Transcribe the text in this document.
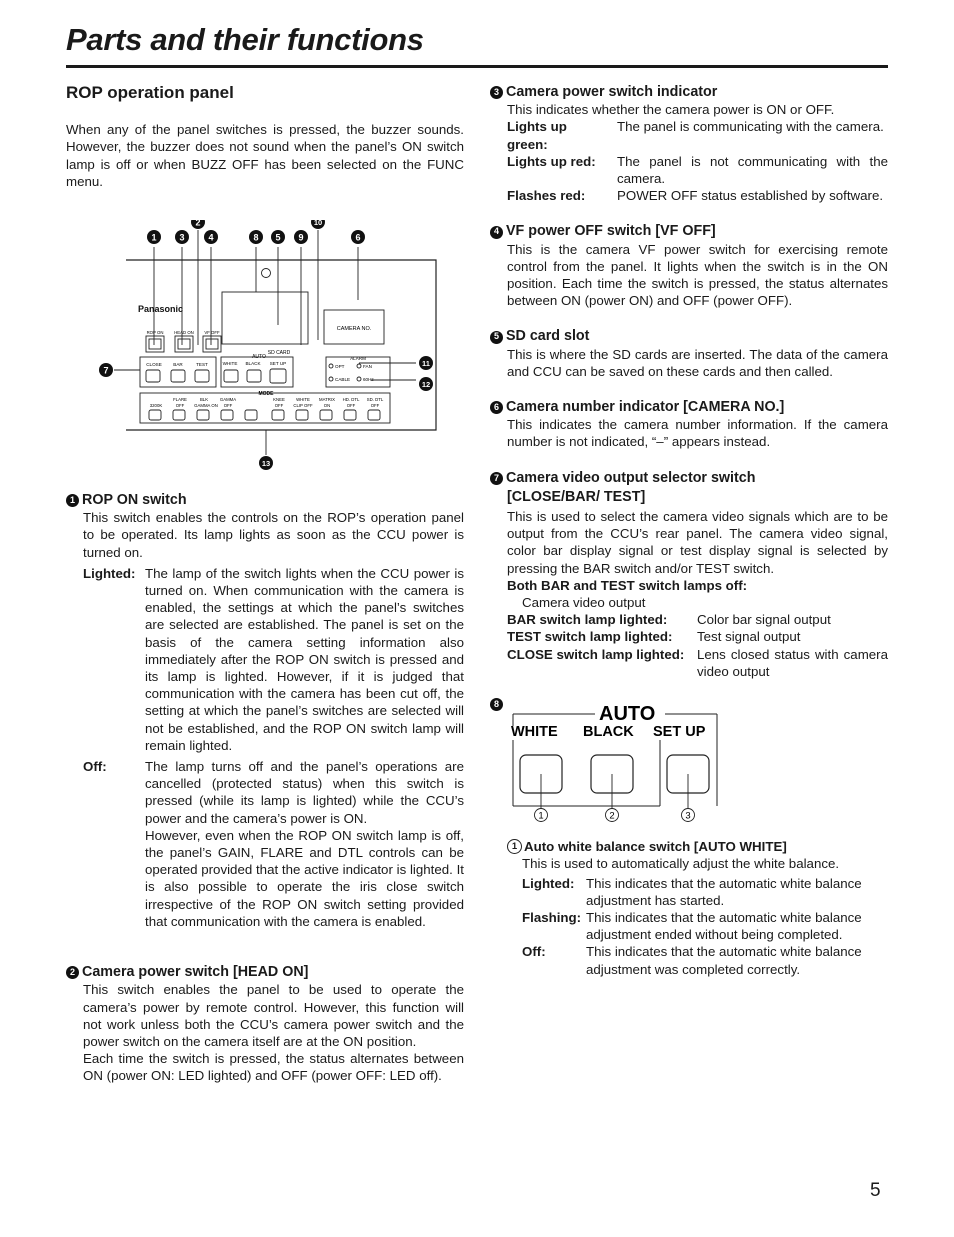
Parts and their functions
ROP operation panel

When any of the panel switches is pressed, the buzzer sounds. However, the buzzer does not sound when the panel’s ON switch lamp is off or when BUZZ OFF has been selected on the FUNC menu.

1
2
3	4	5	6
7
8	9
10
11
12
13
Panasonic
CAMERA NO.
SD CARD
ROP ON	HEAD ON VF OFF
CLOSE BAR	TEST
AUTO
WHITE BLACK SET UP
ALARM
OPT	FAN
CABLE	60Hz
MODE
FLARE	BLK	GAMMA	KNEE	WHITE MATRIX HD. DTL SD. DTL
3200K	OFF GAMMA ON OFF	OFF CLIP OFF	ON	OFF	OFF

1 ROP ON switch

This switch enables the controls on the ROP’s operation panel to be operated. Its lamp lights as soon as the CCU power is turned on.

Lighted: The lamp of the switch lights when the CCU power is turned on. When communication with the camera is enabled, the settings at which the panel’s switches are selected are established. The panel is set on the basis of the camera setting information also immediately after the ROP ON switch is pressed and its lamp is lighted. However, if it is judged that communication with the camera has been cut off, the setting at which the panel’s switches are selected will not be established, and the ROP ON switch lamp will remain lighted.
Off:	The lamp turns off and the panel’s operations are cancelled (protected status) when this switch is pressed (while its lamp is lighted) while the CCU’s power and the camera’s power is ON.
However, even when the ROP ON switch lamp is off, the panel’s GAIN, FLARE and DTL controls can be operated provided that the active indicator is lighted. It is also possible to operate the iris close switch irrespective of the ROP ON switch setting provided that communication with the camera is enabled.

2 Camera power switch [HEAD ON]

This switch enables the panel to be used to operate the camera’s power by remote control. However, this function will not work unless both the CCU’s camera power switch and the power switch on the camera itself are at the ON position.

Each time the switch is pressed, the status alternates between ON (power ON: LED lighted) and OFF (power OFF: LED off).

3 Camera power switch indicator

This indicates whether the camera power is ON or OFF.

Lights up green:
The panel is communicating with the camera.
Lights up red:	The panel is not communicating with the camera.
Flashes red:	POWER OFF status established by software.

4 VF power OFF switch [VF OFF]

This is the camera VF power switch for exercising remote control from the panel. It lights when the switch is in the ON position. Each time the switch is pressed, the status alternates between ON (power ON) and OFF (power OFF).

5 SD card slot

This is where the SD cards are inserted. The data of the camera and CCU can be saved on these cards and then called.

6 Camera number indicator [CAMERA NO.]

This indicates the camera number information. If the camera number is not indicated, “–” appears instead.

7 Camera video output selector switch

[CLOSE/BAR/ TEST]

This is used to select the camera video signals which are to be output from the CCU’s rear panel. The camera video signal, color bar display signal or test display signal is selected by pressing the BAR switch and/or TEST switch.

Both BAR and TEST switch lamps off:

Camera video output

BAR switch lamp lighted:	Color bar signal output
TEST switch lamp lighted:	Test signal output
CLOSE switch lamp lighted: Lens closed status with camera video output
8	AUTO
WHITE BLACK SET UP
1	2	3

1 Auto white balance switch [AUTO WHITE]

This is used to automatically adjust the white balance.

Lighted: This indicates that the automatic white balance adjustment has started.
Flashing: This indicates that the automatic white balance adjustment ended without being completed.
Off:	This indicates that the automatic white balance adjustment was completed correctly.
5
